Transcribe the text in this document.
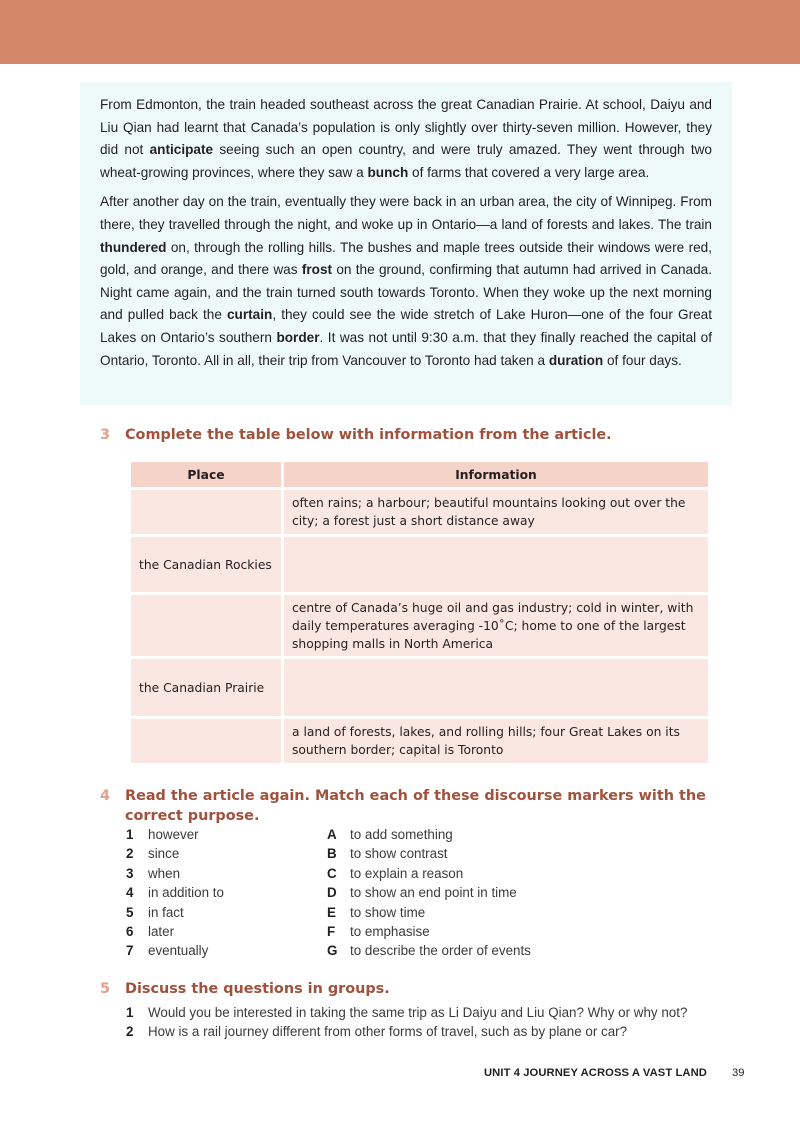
From Edmonton, the train headed southeast across the great Canadian Prairie. At school, Daiyu and Liu Qian had learnt that Canada’s population is only slightly over thirty-seven million. However, they did not anticipate seeing such an open country, and were truly amazed. They went through two wheat-growing provinces, where they saw a bunch of farms that covered a very large area.

After another day on the train, eventually they were back in an urban area, the city of Winnipeg. From there, they travelled through the night, and woke up in Ontario—a land of forests and lakes. The train thundered on, through the rolling hills. The bushes and maple trees outside their windows were red, gold, and orange, and there was frost on the ground, confirming that autumn had arrived in Canada. Night came again, and the train turned south towards Toronto. When they woke up the next morning and pulled back the curtain, they could see the wide stretch of Lake Huron—one of the four Great Lakes on Ontario’s southern border. It was not until 9:30 a.m. that they finally reached the capital of Ontario, Toronto. All in all, their trip from Vancouver to Toronto had taken a duration of four days.

3 Complete the table below with information from the article.
Place	Information
	often rains; a harbour; beautiful mountains looking out over the city; a forest just a short distance away
the Canadian Rockies	
	centre of Canada’s huge oil and gas industry; cold in winter, with daily temperatures averaging -10˚C; home to one of the largest shopping malls in North America
the Canadian Prairie	
	a land of forests, lakes, and rolling hills; four Great Lakes on its southern border; capital is Toronto
4 Read the article again. Match each of these discourse markers with the
correct purpose.
1	however
2	since
3	when
4	in addition to
5	in fact
6	later
7	eventually
A to add something
B to show contrast
C to explain a reason
D to show an end point in time
E	to show time
F	to emphasise
G to describe the order of events
5 Discuss the questions in groups.
1	Would you be interested in taking the same trip as Li Daiyu and Liu Qian? Why or why not?
2	How is a rail journey different from other forms of travel, such as by plane or car?
UNIT 4 JOURNEY ACROSS A VAST LAND 39
